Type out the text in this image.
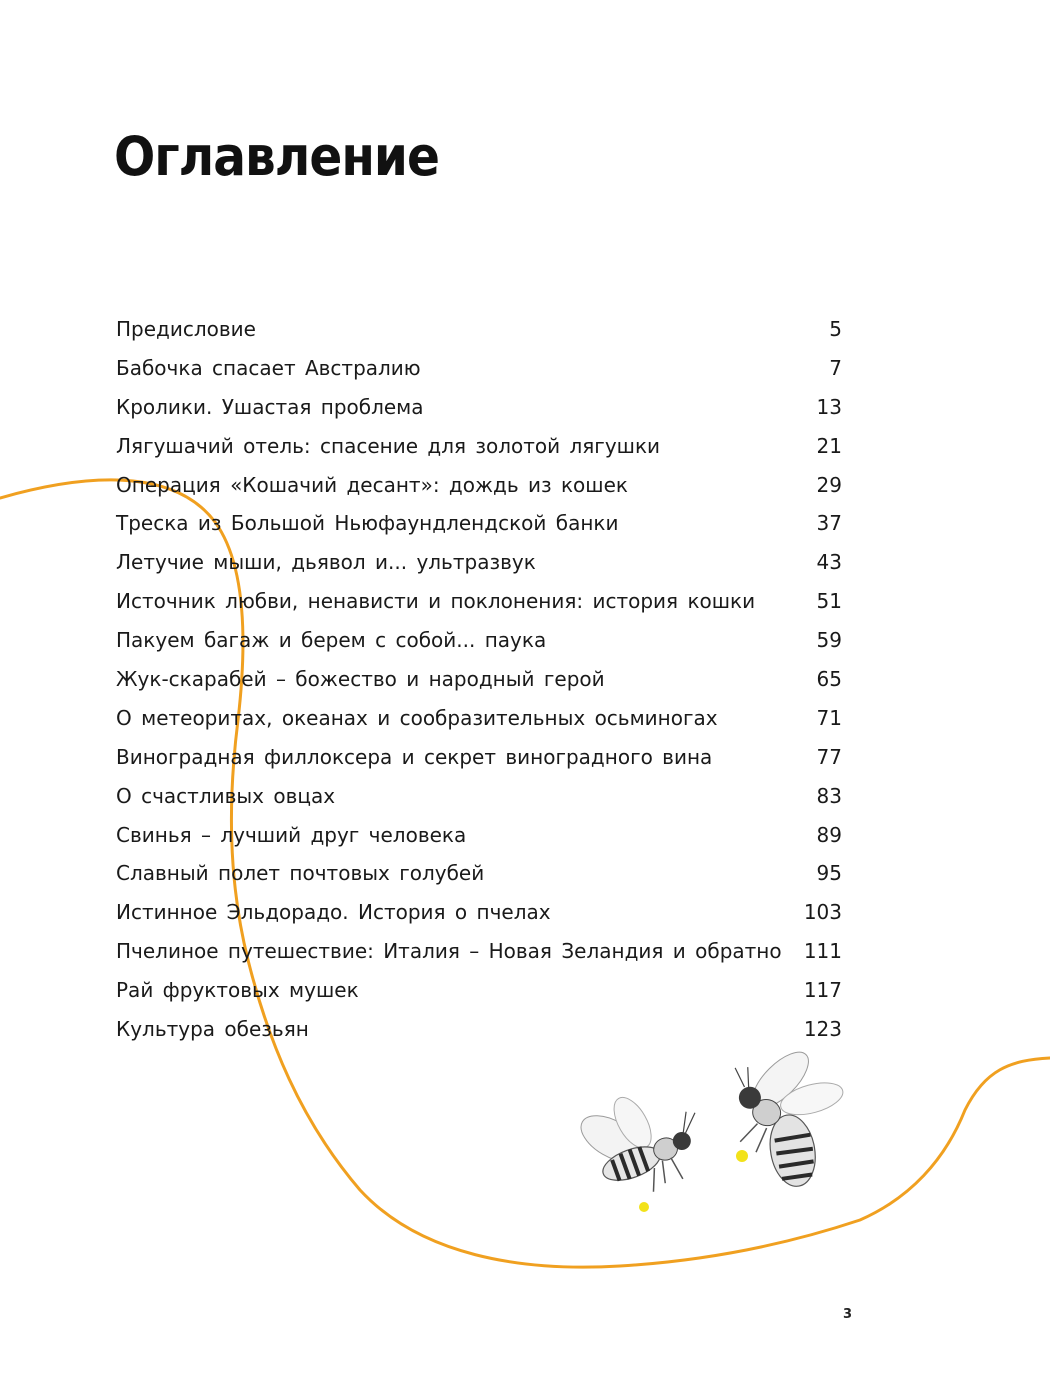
Оглавление
Предисловие	5
Бабочка спасает Австралию	7
Кролики. Ушастая проблема	13
Лягушачий отель: спасение для золотой лягушки	21
Операция «Кошачий десант»: дождь из кошек	29
Треска из Большой Ньюфаундлендской банки	37
Летучие мыши, дьявол и... ультразвук	43
Источник любви, ненависти и поклонения: история кошки	51
Пакуем багаж и берем с собой... паука	59
Жук-скарабей – божество и народный герой	65
О метеоритах, океанах и сообразительных осьминогах	71
Виноградная филлоксера и секрет виноградного вина	77
О счастливых овцах	83
Свинья – лучший друг человека	89
Славный полет почтовых голубей	95
Истинное Эльдорадо. История о пчелах	103
Пчелиное путешествие: Италия – Новая Зеландия и обратно 111
Рай фруктовых мушек	117
Культура обезьян	123
3
